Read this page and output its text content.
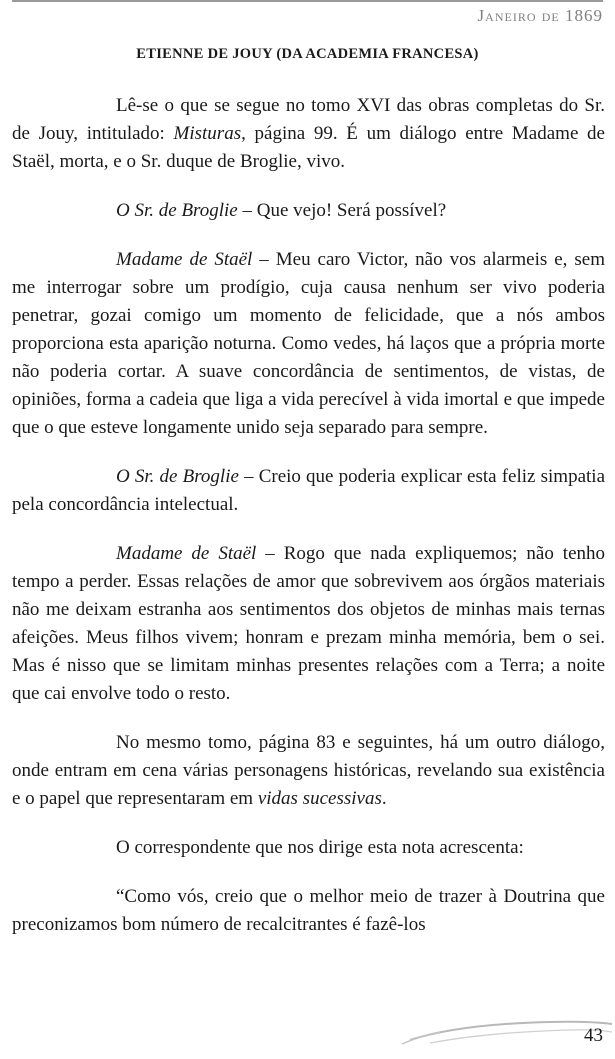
Janeiro de 1869
ETIENNE DE JOUY (DA ACADEMIA FRANCESA)

Lê-se o que se segue no tomo XVI das obras completas do Sr. de Jouy, intitulado: Misturas, página 99. É um diálogo entre Madame de Staël, morta, e o Sr. duque de Broglie, vivo.

O Sr. de Broglie – Que vejo! Será possível?

Madame de Staël – Meu caro Victor, não vos alarmeis e, sem me interrogar sobre um prodígio, cuja causa nenhum ser vivo poderia penetrar, gozai comigo um momento de felicidade, que a nós ambos proporciona esta aparição noturna. Como vedes, há laços que a própria morte não poderia cortar. A suave concordância de sentimentos, de vistas, de opiniões, forma a cadeia que liga a vida perecível à vida imortal e que impede que o que esteve longamente unido seja separado para sempre.

O Sr. de Broglie – Creio que poderia explicar esta feliz simpatia pela concordância intelectual.

Madame de Staël – Rogo que nada expliquemos; não tenho tempo a perder. Essas relações de amor que sobrevivem aos órgãos materiais não me deixam estranha aos sentimentos dos objetos de minhas mais ternas afeições. Meus filhos vivem; honram e prezam minha memória, bem o sei. Mas é nisso que se limitam minhas presentes relações com a Terra; a noite que cai envolve todo o resto.

No mesmo tomo, página 83 e seguintes, há um outro diálogo, onde entram em cena várias personagens históricas, revelando sua existência e o papel que representaram em vidas sucessivas.

O correspondente que nos dirige esta nota acrescenta:

“Como vós, creio que o melhor meio de trazer à Doutrina que preconizamos bom número de recalcitrantes é fazê-los

43
